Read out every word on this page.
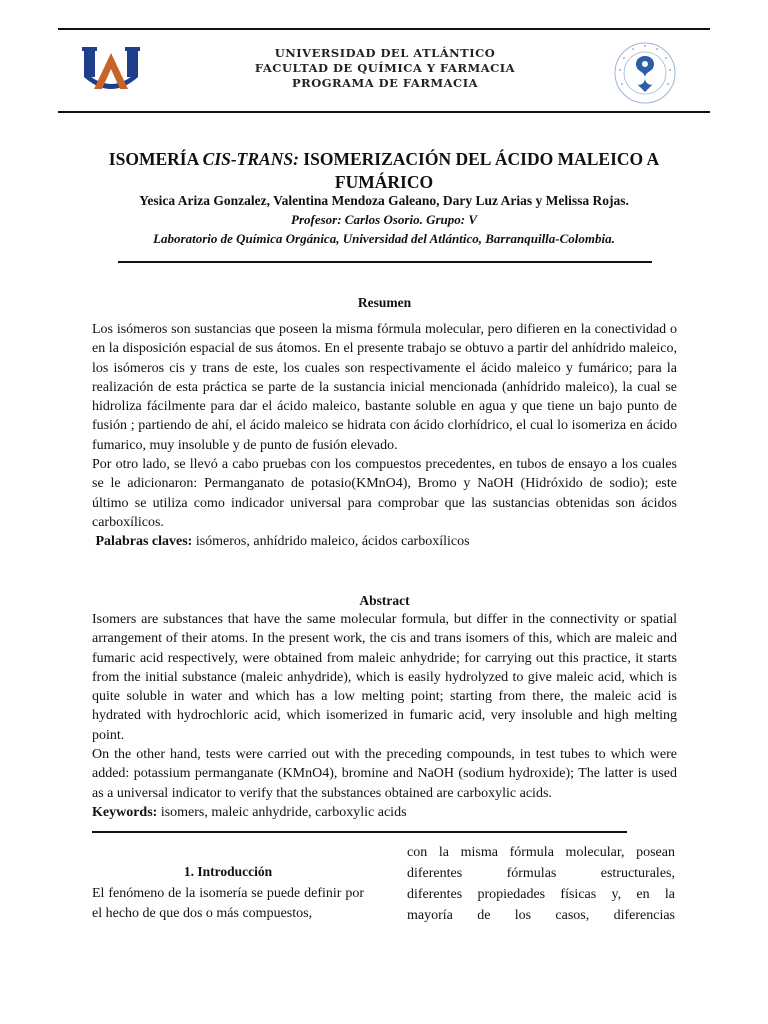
UNIVERSIDAD DEL ATLÁNTICO
FACULTAD DE QUÍMICA Y FARMACIA
PROGRAMA DE FARMACIA
ISOMERÍA CIS-TRANS: ISOMERIZACIÓN DEL ÁCIDO MALEICO A FUMÁRICO
Yesica Ariza Gonzalez, Valentina Mendoza Galeano, Dary Luz Arias y Melissa Rojas.
Profesor: Carlos Osorio. Grupo: V
Laboratorio de Química Orgánica, Universidad del Atlántico, Barranquilla-Colombia.
Resumen

Los isómeros son sustancias que poseen la misma fórmula molecular, pero difieren en la conectividad o en la disposición espacial de sus átomos. En el presente trabajo se obtuvo a partir del anhídrido maleico, los isómeros cis y trans de este, los cuales son respectivamente el ácido maleico y fumárico; para la realización de esta práctica se parte de la sustancia inicial mencionada (anhídrido maleico), la cual se hidroliza fácilmente para dar el ácido maleico, bastante soluble en agua y que tiene un bajo punto de fusión ; partiendo de ahí, el ácido maleico se hidrata con ácido clorhídrico, el cual lo isomeriza en ácido fumarico, muy insoluble y de punto de fusión elevado.

Por otro lado, se llevó a cabo pruebas con los compuestos precedentes, en tubos de ensayo a los cuales se le adicionaron: Permanganato de potasio(KMnO4), Bromo y NaOH (Hidróxido de sodio); este último se utiliza como indicador universal para comprobar que las sustancias obtenidas son ácidos carboxílicos.

Palabras claves: isómeros, anhídrido maleico, ácidos carboxílicos

Abstract

Isomers are substances that have the same molecular formula, but differ in the connectivity or spatial arrangement of their atoms. In the present work, the cis and trans isomers of this, which are maleic and fumaric acid respectively, were obtained from maleic anhydride; for carrying out this practice, it starts from the initial substance (maleic anhydride), which is easily hydrolyzed to give maleic acid, which is quite soluble in water and which has a low melting point; starting from there, the maleic acid is hydrated with hydrochloric acid, which isomerized in fumaric acid, very insoluble and high melting point.

On the other hand, tests were carried out with the preceding compounds, in test tubes to which were added: potassium permanganate (KMnO4), bromine and NaOH (sodium hydroxide); The latter is used as a universal indicator to verify that the substances obtained are carboxylic acids.

Keywords: isomers, maleic anhydride, carboxylic acids

1. Introducción
El fenómeno de la isomería se puede definir por el hecho de que dos o más compuestos,

con la misma fórmula molecular, posean

diferentes fórmulas estructurales,

diferentes propiedades físicas y, en la

mayoría de los casos, diferencias
